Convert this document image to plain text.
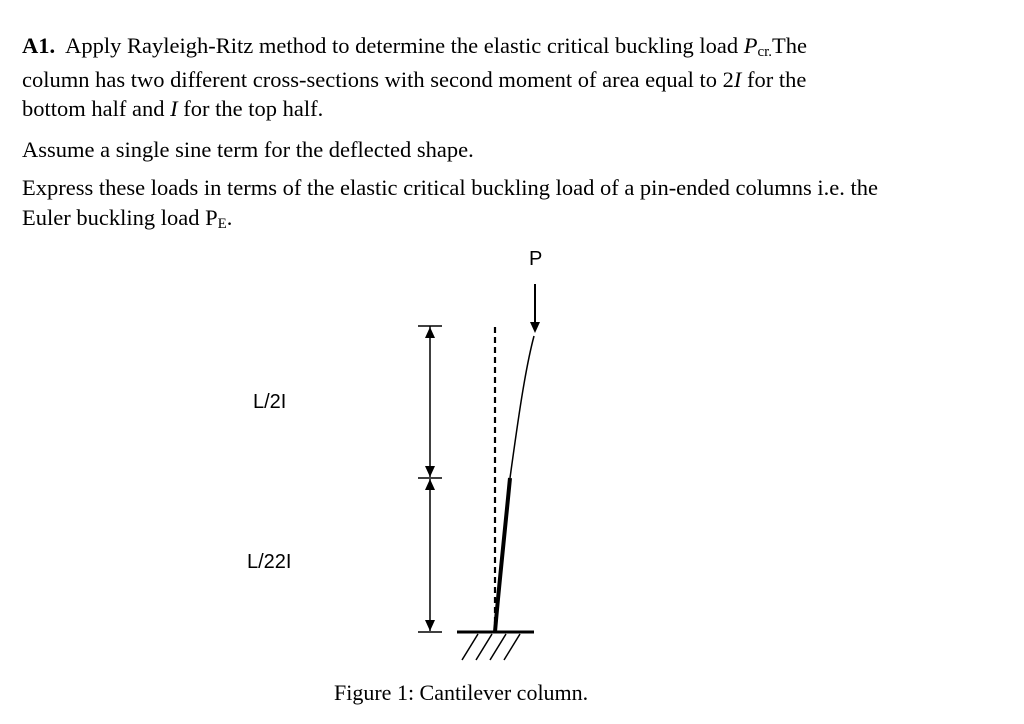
A1. Apply Rayleigh-Ritz method to determine the elastic critical buckling load Pcr.The
column has two different cross-sections with second moment of area equal to 2I for the
bottom half and I for the top half.

Assume a single sine term for the deflected shape.

Express these loads in terms of the elastic critical buckling load of a pin-ended columns i.e. the
Euler buckling load PE.

P
L/2I
L/22I
Figure 1: Cantilever column.
